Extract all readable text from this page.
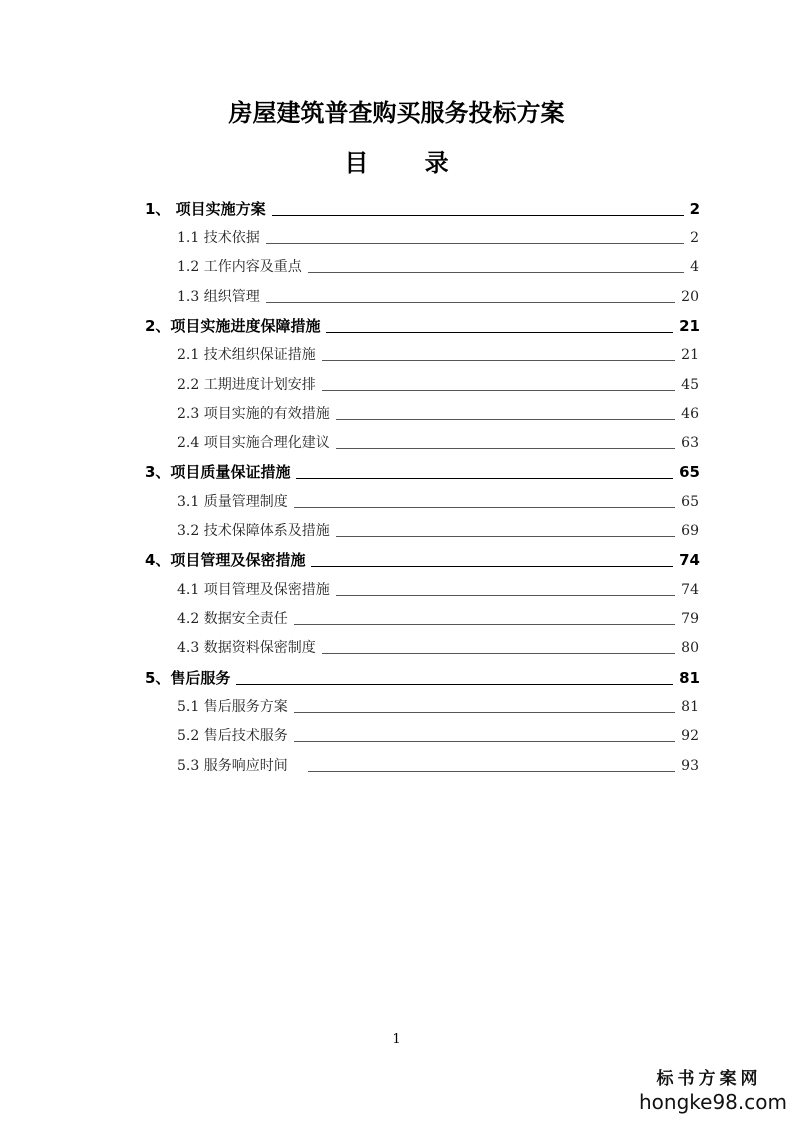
房屋建筑普查购买服务投标方案
目 录
1、 项目实施方案	2
1.1 技术依据	2
1.2 工作内容及重点	4
1.3 组织管理	20
2、项目实施进度保障措施	21
2.1 技术组织保证措施	21
2.2 工期进度计划安排	45
2.3 项目实施的有效措施	46
2.4 项目实施合理化建议	63
3、项目质量保证措施	65
3.1 质量管理制度	65
3.2 技术保障体系及措施	69
4、项目管理及保密措施	74
4.1 项目管理及保密措施	74
4.2 数据安全责任	79
4.3 数据资料保密制度	80
5、售后服务	81
5.1 售后服务方案	81
5.2 售后技术服务	92
5.3 服务响应时间	93
1
标书方案网
hongke98.com
